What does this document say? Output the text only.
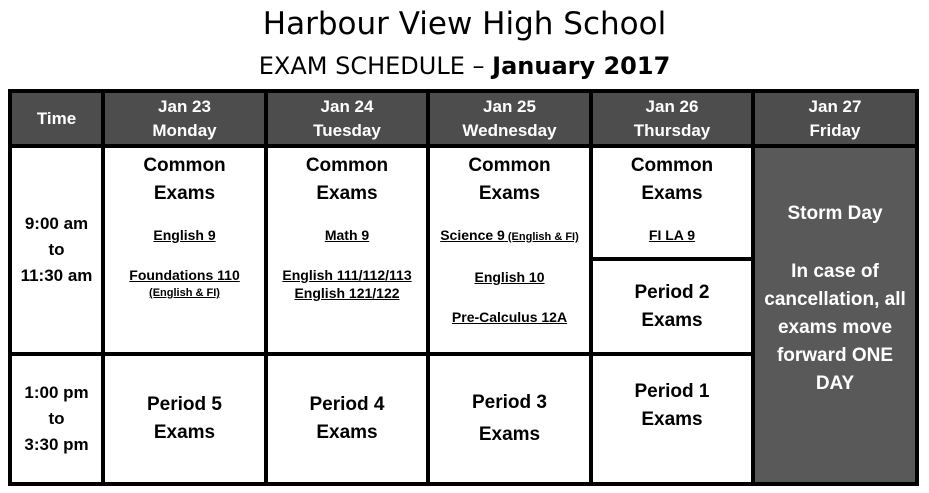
Harbour View High School
EXAM SCHEDULE – January 2017
Time
Jan 23
Monday
Jan 24
Tuesday
Jan 25
Wednesday
Jan 26
Thursday
Jan 27
Friday
9:00 am
to
11:30 am
Common
Exams
English 9
Foundations 110
(English & FI)
Common
Exams
Math 9
English 111/112/113
English 121/122
Common
Exams
Science 9 (English & FI)
English 10
Pre-Calculus 12A
Common
Exams
FI LA 9
Period 2
Exams
Storm Day
In case of
cancellation, all
exams move
forward ONE
DAY
1:00 pm
to
3:30 pm
Period 5
Exams
Period 4
Exams
Period 3
Exams
Period 1
Exams
